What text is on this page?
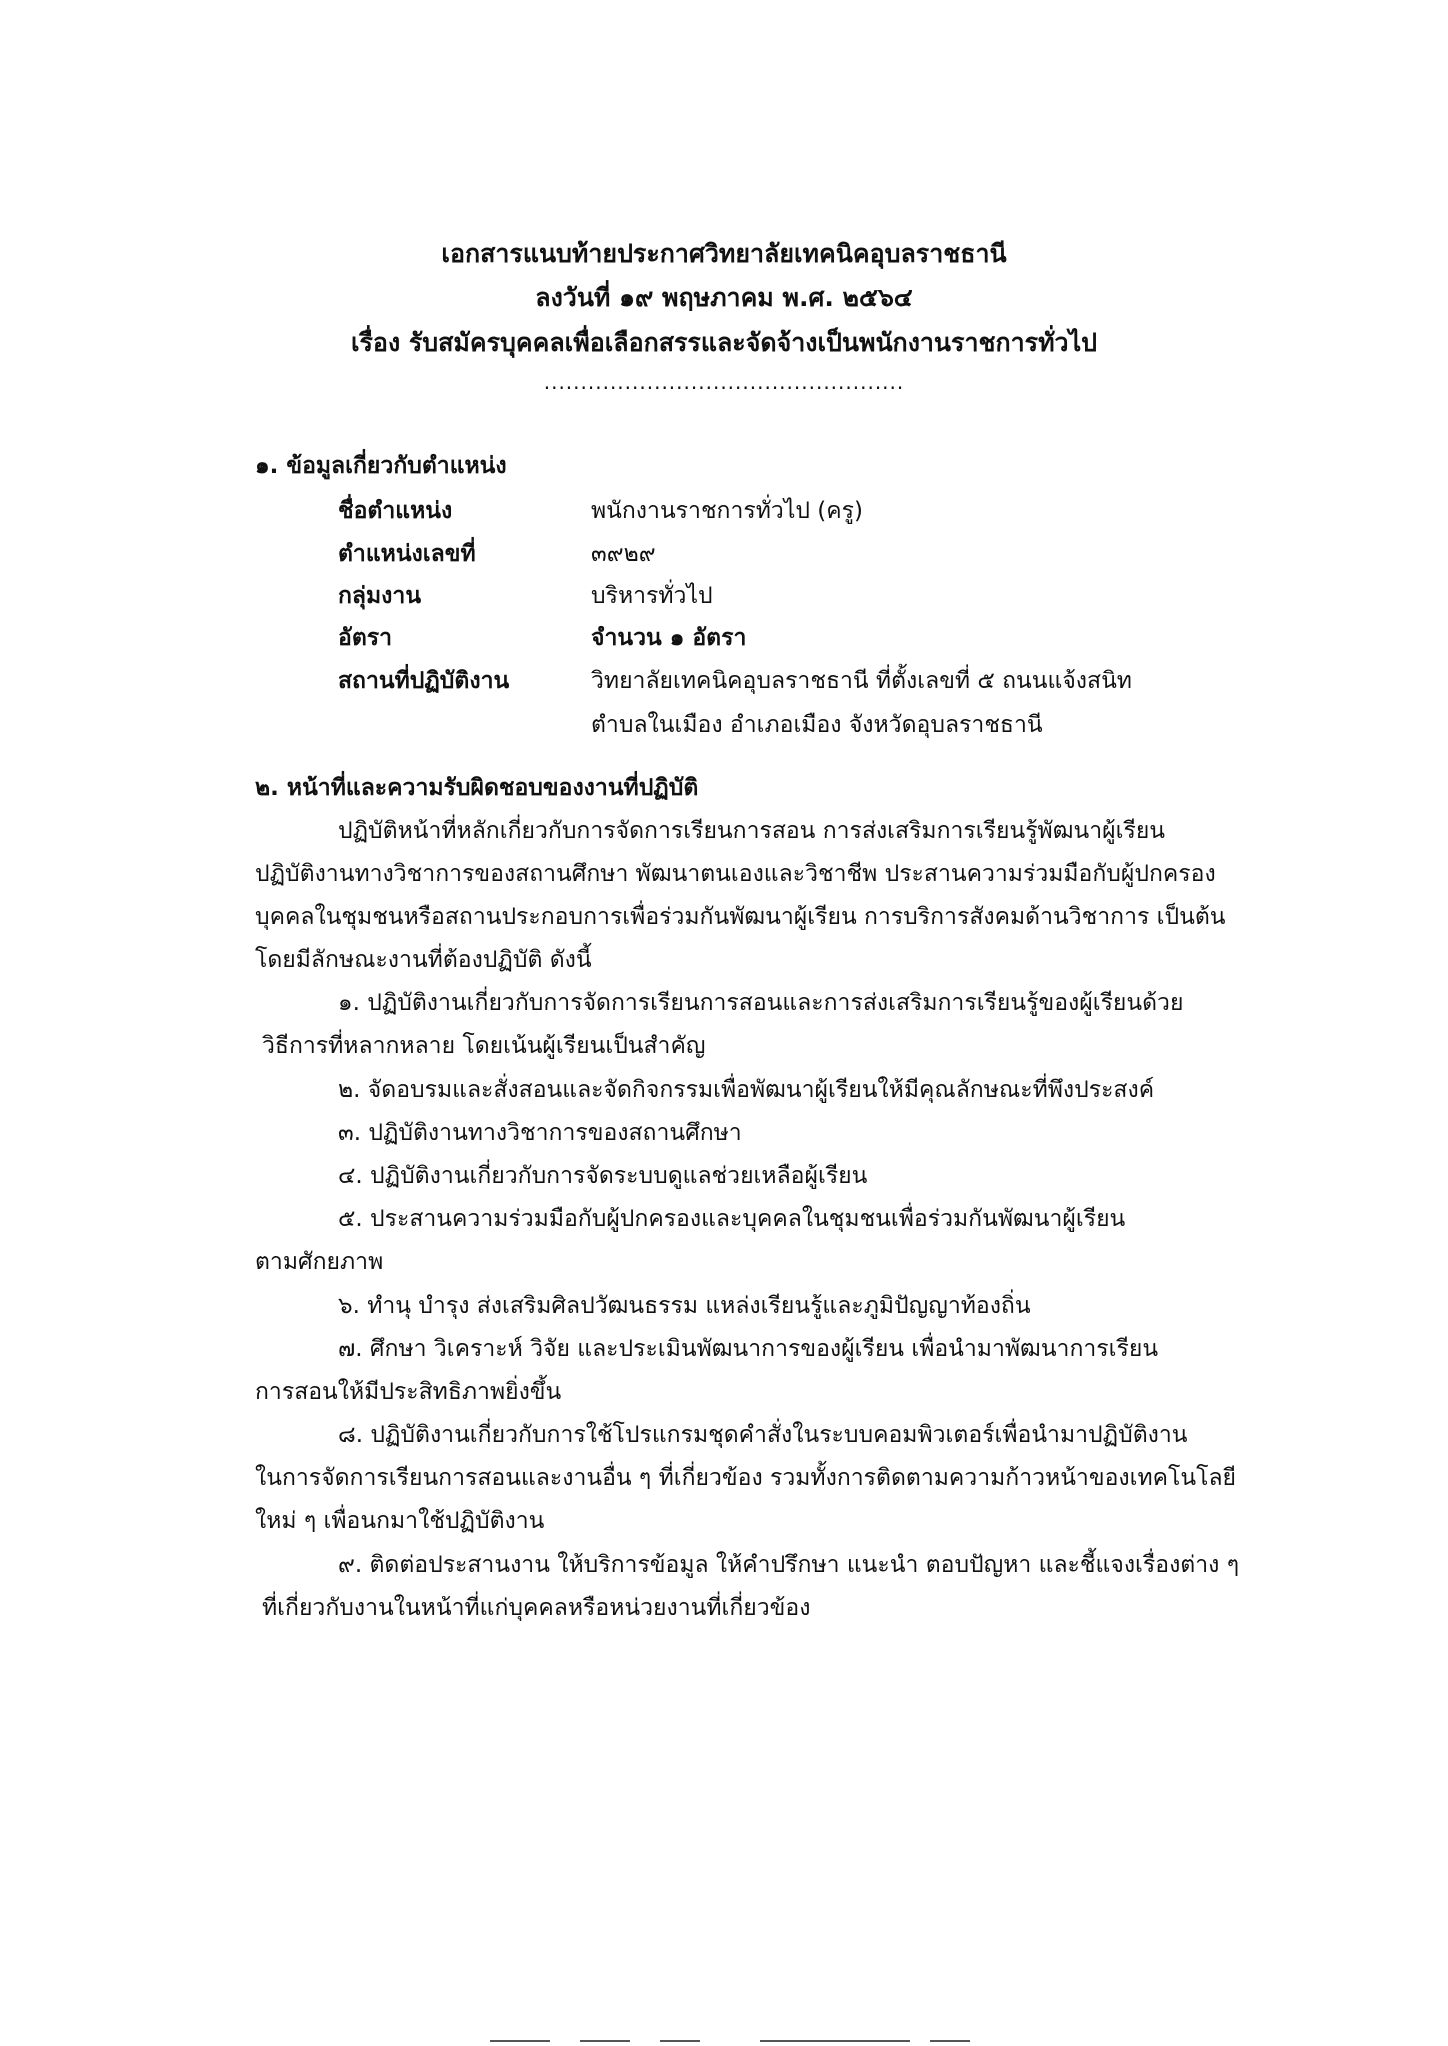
เอกสารแนบท้ายประกาศวิทยาลัยเทคนิคอุบลราชธานี
ลงวันที่ ๑๙ พฤษภาคม พ.ศ. ๒๕๖๔
เรื่อง รับสมัครบุคคลเพื่อเลือกสรรและจัดจ้างเป็นพนักงานราชการทั่วไป
.................................................
๑. ข้อมูลเกี่ยวกับตำแหน่ง
ชื่อตำแหน่ง	พนักงานราชการทั่วไป (ครู)
ตำแหน่งเลขที่	๓๙๒๙
กลุ่มงาน	บริหารทั่วไป
อัตรา	จำนวน ๑ อัตรา
สถานที่ปฏิบัติงาน	วิทยาลัยเทคนิคอุบลราชธานี ที่ตั้งเลขที่ ๕ ถนนแจ้งสนิท
ตำบลในเมือง อำเภอเมือง จังหวัดอุบลราชธานี
๒. หน้าที่และความรับผิดชอบของงานที่ปฏิบัติ
ปฏิบัติหน้าที่หลักเกี่ยวกับการจัดการเรียนการสอน การส่งเสริมการเรียนรู้พัฒนาผู้เรียน
ปฏิบัติงานทางวิชาการของสถานศึกษา พัฒนาตนเองและวิชาชีพ ประสานความร่วมมือกับผู้ปกครอง
บุคคลในชุมชนหรือสถานประกอบการเพื่อร่วมกันพัฒนาผู้เรียน การบริการสังคมด้านวิชาการ เป็นต้น
โดยมีลักษณะงานที่ต้องปฏิบัติ ดังนี้
๑. ปฏิบัติงานเกี่ยวกับการจัดการเรียนการสอนและการส่งเสริมการเรียนรู้ของผู้เรียนด้วย
วิธีการที่หลากหลาย โดยเน้นผู้เรียนเป็นสำคัญ
๒. จัดอบรมและสั่งสอนและจัดกิจกรรมเพื่อพัฒนาผู้เรียนให้มีคุณลักษณะที่พึงประสงค์
๓. ปฏิบัติงานทางวิชาการของสถานศึกษา
๔. ปฏิบัติงานเกี่ยวกับการจัดระบบดูแลช่วยเหลือผู้เรียน
๕. ประสานความร่วมมือกับผู้ปกครองและบุคคลในชุมชนเพื่อร่วมกันพัฒนาผู้เรียน
ตามศักยภาพ
๖. ทำนุ บำรุง ส่งเสริมศิลปวัฒนธรรม แหล่งเรียนรู้และภูมิปัญญาท้องถิ่น
๗. ศึกษา วิเคราะห์ วิจัย และประเมินพัฒนาการของผู้เรียน เพื่อนำมาพัฒนาการเรียน
การสอนให้มีประสิทธิภาพยิ่งขึ้น
๘. ปฏิบัติงานเกี่ยวกับการใช้โปรแกรมชุดคำสั่งในระบบคอมพิวเตอร์เพื่อนำมาปฏิบัติงาน
ในการจัดการเรียนการสอนและงานอื่น ๆ ที่เกี่ยวข้อง รวมทั้งการติดตามความก้าวหน้าของเทคโนโลยี
ใหม่ ๆ เพื่อนกมาใช้ปฏิบัติงาน
๙. ติดต่อประสานงาน ให้บริการข้อมูล ให้คำปรึกษา แนะนำ ตอบปัญหา และชี้แจงเรื่องต่าง ๆ
ที่เกี่ยวกับงานในหน้าที่แก่บุคคลหรือหน่วยงานที่เกี่ยวข้อง
